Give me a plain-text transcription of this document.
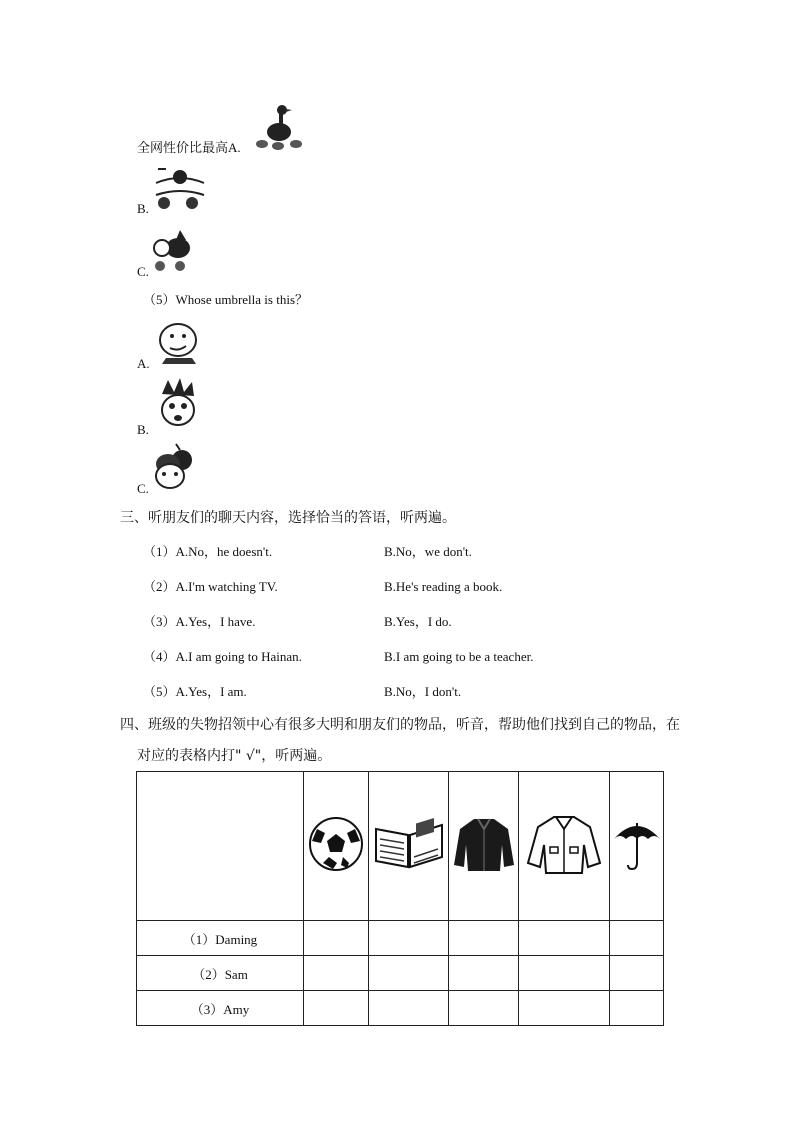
全网性价比最高A.
B.
C.
（5）Whose umbrella is this？
A.
B.
C.
三、听朋友们的聊天内容，选择恰当的答语，听两遍。
（1）A.No，he doesn't.	B.No，we don't.
（2）A.I'm watching TV.	B.He's reading a book.
（3）A.Yes，I have.	B.Yes，I do.
（4）A.I am going to Hainan.	B.I am going to be a teacher.
（5）A.Yes，I am.	B.No，I don't.
四、班级的失物招领中心有很多大明和朋友们的物品，听音，帮助他们找到自己的物品，在
对应的表格内打" √"，听两遍。

（1）Daming					
（2）Sam					
（3）Amy					
